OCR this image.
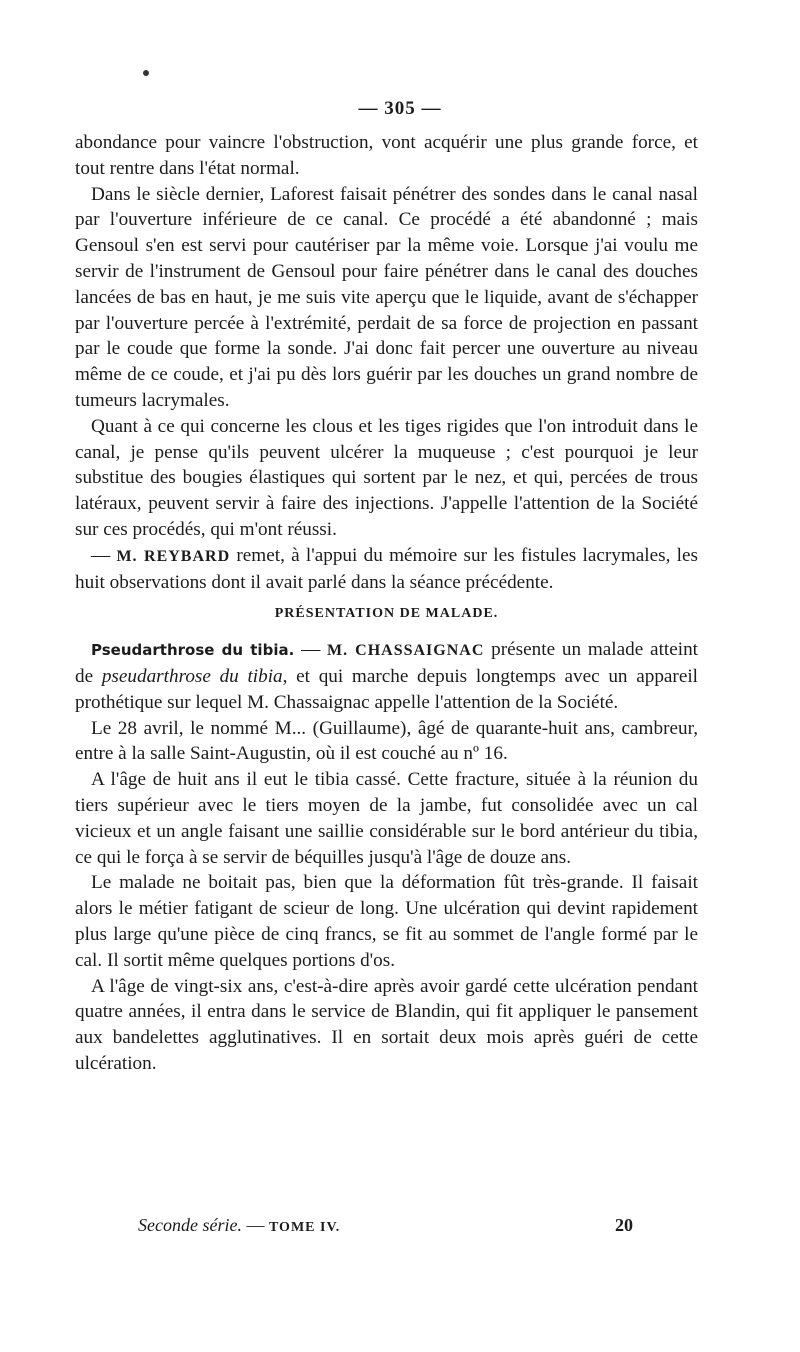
— 305 —

abondance pour vaincre l'obstruction, vont acquérir une plus grande force, et tout rentre dans l'état normal.

Dans le siècle dernier, Laforest faisait pénétrer des sondes dans le canal nasal par l'ouverture inférieure de ce canal. Ce procédé a été abandonné ; mais Gensoul s'en est servi pour cautériser par la même voie. Lorsque j'ai voulu me servir de l'instrument de Gensoul pour faire pénétrer dans le canal des douches lancées de bas en haut, je me suis vite aperçu que le liquide, avant de s'échapper par l'ouverture percée à l'extrémité, perdait de sa force de projection en passant par le coude que forme la sonde. J'ai donc fait percer une ouverture au niveau même de ce coude, et j'ai pu dès lors guérir par les douches un grand nombre de tumeurs lacrymales.

Quant à ce qui concerne les clous et les tiges rigides que l'on introduit dans le canal, je pense qu'ils peuvent ulcérer la muqueuse ; c'est pourquoi je leur substitue des bougies élastiques qui sortent par le nez, et qui, percées de trous latéraux, peuvent servir à faire des injections. J'appelle l'attention de la Société sur ces procédés, qui m'ont réussi.

— M. REYBARD remet, à l'appui du mémoire sur les fistules lacrymales, les huit observations dont il avait parlé dans la séance précédente.

PRÉSENTATION DE MALADE.

Pseudarthrose du tibia. — M. CHASSAIGNAC présente un malade atteint de pseudarthrose du tibia, et qui marche depuis longtemps avec un appareil prothétique sur lequel M. Chassaignac appelle l'attention de la Société.

Le 28 avril, le nommé M... (Guillaume), âgé de quarante-huit ans, cambreur, entre à la salle Saint-Augustin, où il est couché au nº 16.

A l'âge de huit ans il eut le tibia cassé. Cette fracture, située à la réunion du tiers supérieur avec le tiers moyen de la jambe, fut consolidée avec un cal vicieux et un angle faisant une saillie considérable sur le bord antérieur du tibia, ce qui le força à se servir de béquilles jusqu'à l'âge de douze ans.

Le malade ne boitait pas, bien que la déformation fût très-grande. Il faisait alors le métier fatigant de scieur de long. Une ulcération qui devint rapidement plus large qu'une pièce de cinq francs, se fit au sommet de l'angle formé par le cal. Il sortit même quelques portions d'os.

A l'âge de vingt-six ans, c'est-à-dire après avoir gardé cette ulcération pendant quatre années, il entra dans le service de Blandin, qui fit appliquer le pansement aux bandelettes agglutinatives. Il en sortait deux mois après guéri de cette ulcération.

Seconde série. — TOME IV.	20
